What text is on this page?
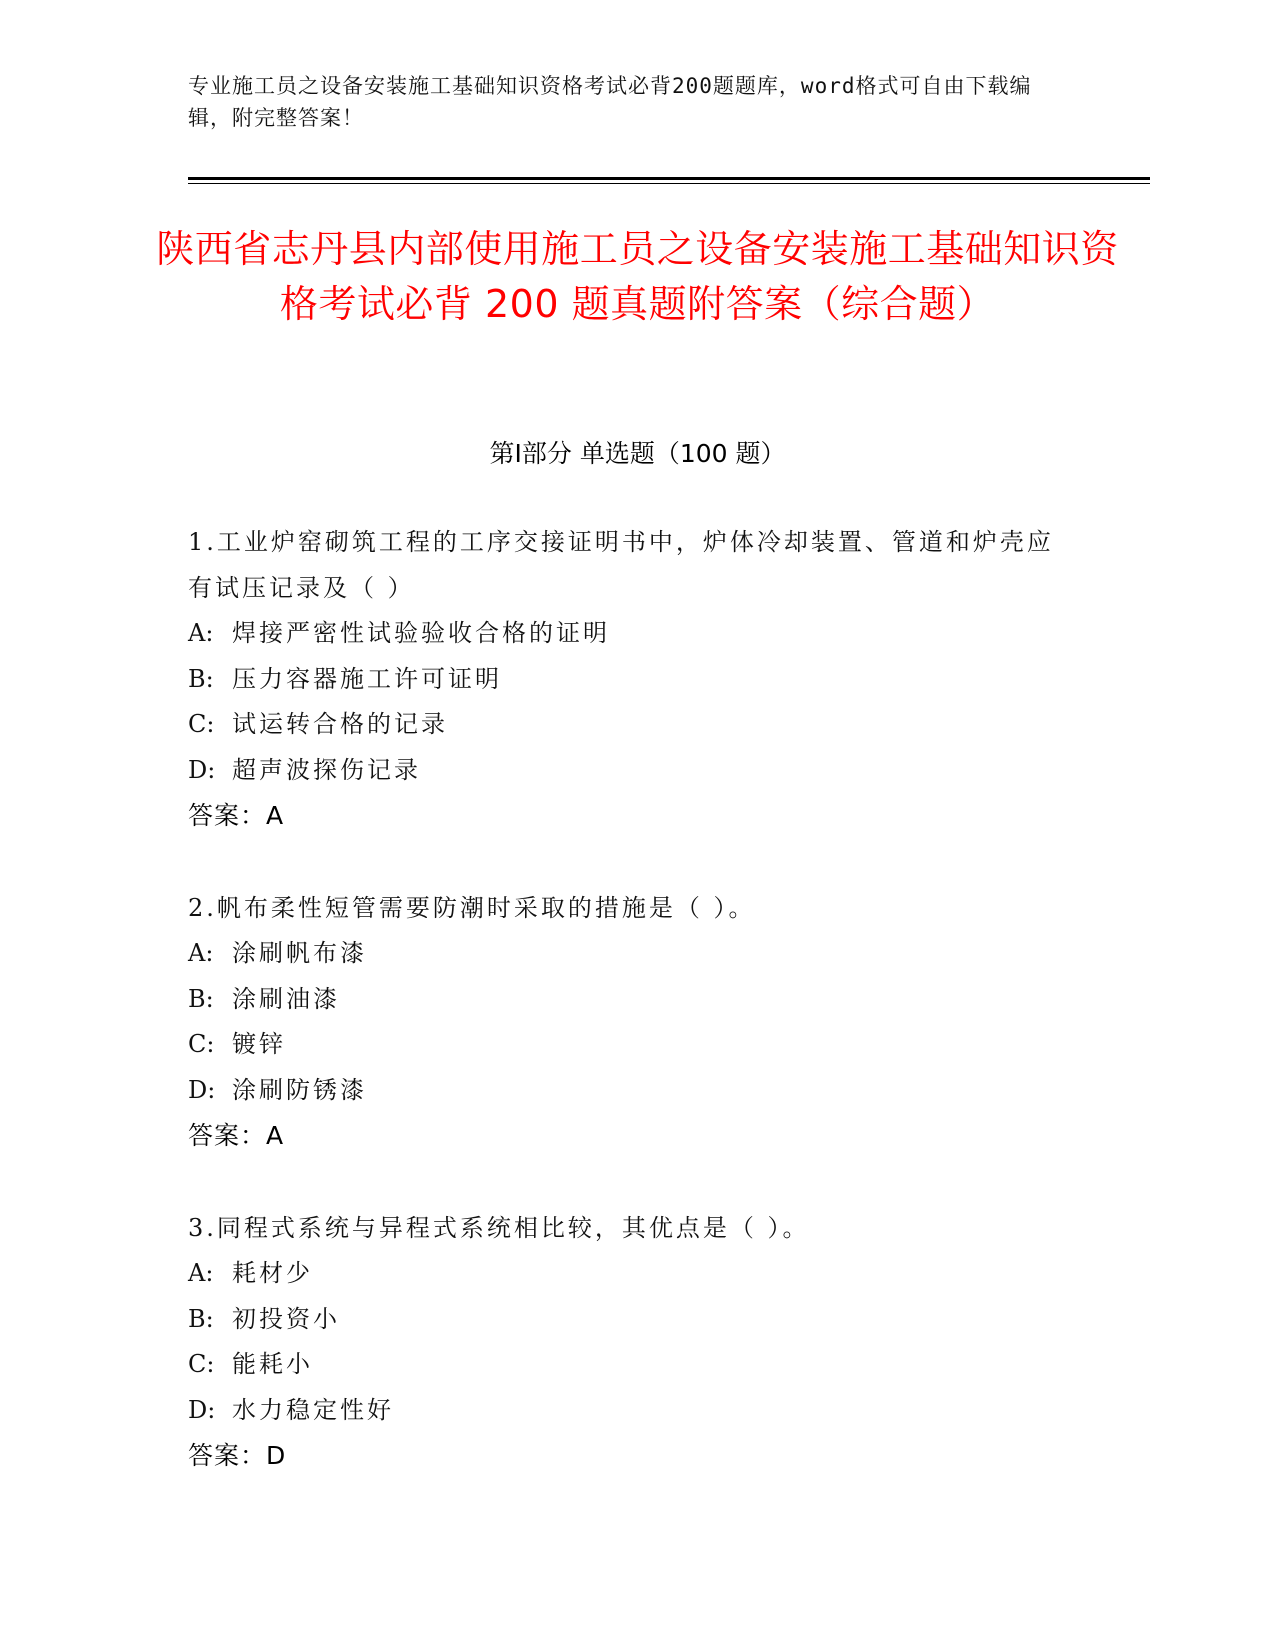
专业施工员之设备安装施工基础知识资格考试必背200题题库，word格式可自由下载编辑，附完整答案！
陕西省志丹县内部使用施工员之设备安装施工基础知识资格考试必背 200 题真题附答案（综合题）
第Ⅰ部分 单选题（100 题）
1.工业炉窑砌筑工程的工序交接证明书中，炉体冷却装置、管道和炉壳应有试压记录及（ ）
A: 焊接严密性试验验收合格的证明
B: 压力容器施工许可证明
C: 试运转合格的记录
D: 超声波探伤记录
答案：A
2.帆布柔性短管需要防潮时采取的措施是（ ）。
A: 涂刷帆布漆
B: 涂刷油漆
C: 镀锌
D: 涂刷防锈漆
答案：A
3.同程式系统与异程式系统相比较，其优点是（ ）。
A: 耗材少
B: 初投资小
C: 能耗小
D: 水力稳定性好
答案：D
